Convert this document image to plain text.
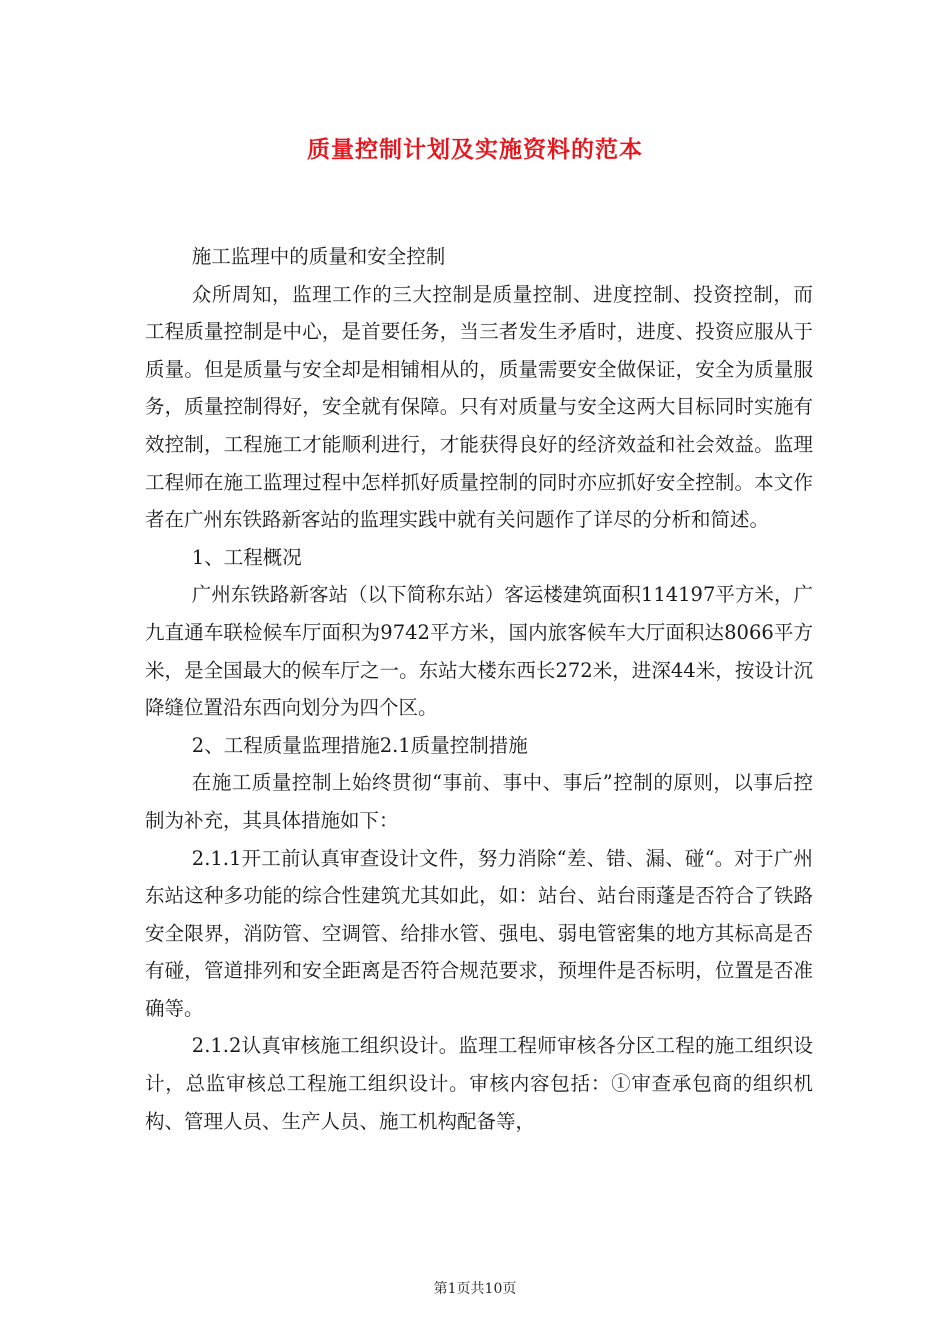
质量控制计划及实施资料的范本

施工监理中的质量和安全控制

众所周知，监理工作的三大控制是质量控制、进度控制、投资控制，而工程质量控制是中心，是首要任务，当三者发生矛盾时，进度、投资应服从于质量。但是质量与安全却是相铺相从的，质量需要安全做保证，安全为质量服务，质量控制得好，安全就有保障。只有对质量与安全这两大目标同时实施有效控制，工程施工才能顺利进行，才能获得良好的经济效益和社会效益。监理工程师在施工监理过程中怎样抓好质量控制的同时亦应抓好安全控制。本文作者在广州东铁路新客站的监理实践中就有关问题作了详尽的分析和简述。

1、工程概况

广州东铁路新客站（以下简称东站）客运楼建筑面积114197平方米，广九直通车联检候车厅面积为9742平方米，国内旅客候车大厅面积达8066平方米，是全国最大的候车厅之一。东站大楼东西长272米，进深44米，按设计沉降缝位置沿东西向划分为四个区。

2、工程质量监理措施2.1质量控制措施

在施工质量控制上始终贯彻“事前、事中、事后”控制的原则，以事后控制为补充，其具体措施如下：

2.1.1开工前认真审查设计文件，努力消除“差、错、漏、碰“。对于广州东站这种多功能的综合性建筑尤其如此，如：站台、站台雨蓬是否符合了铁路安全限界，消防管、空调管、给排水管、强电、弱电管密集的地方其标高是否有碰，管道排列和安全距离是否符合规范要求，预埋件是否标明，位置是否准确等。

2.1.2认真审核施工组织设计。监理工程师审核各分区工程的施工组织设计，总监审核总工程施工组织设计。审核内容包括：①审查承包商的组织机构、管理人员、生产人员、施工机构配备等，

第1页共10页
